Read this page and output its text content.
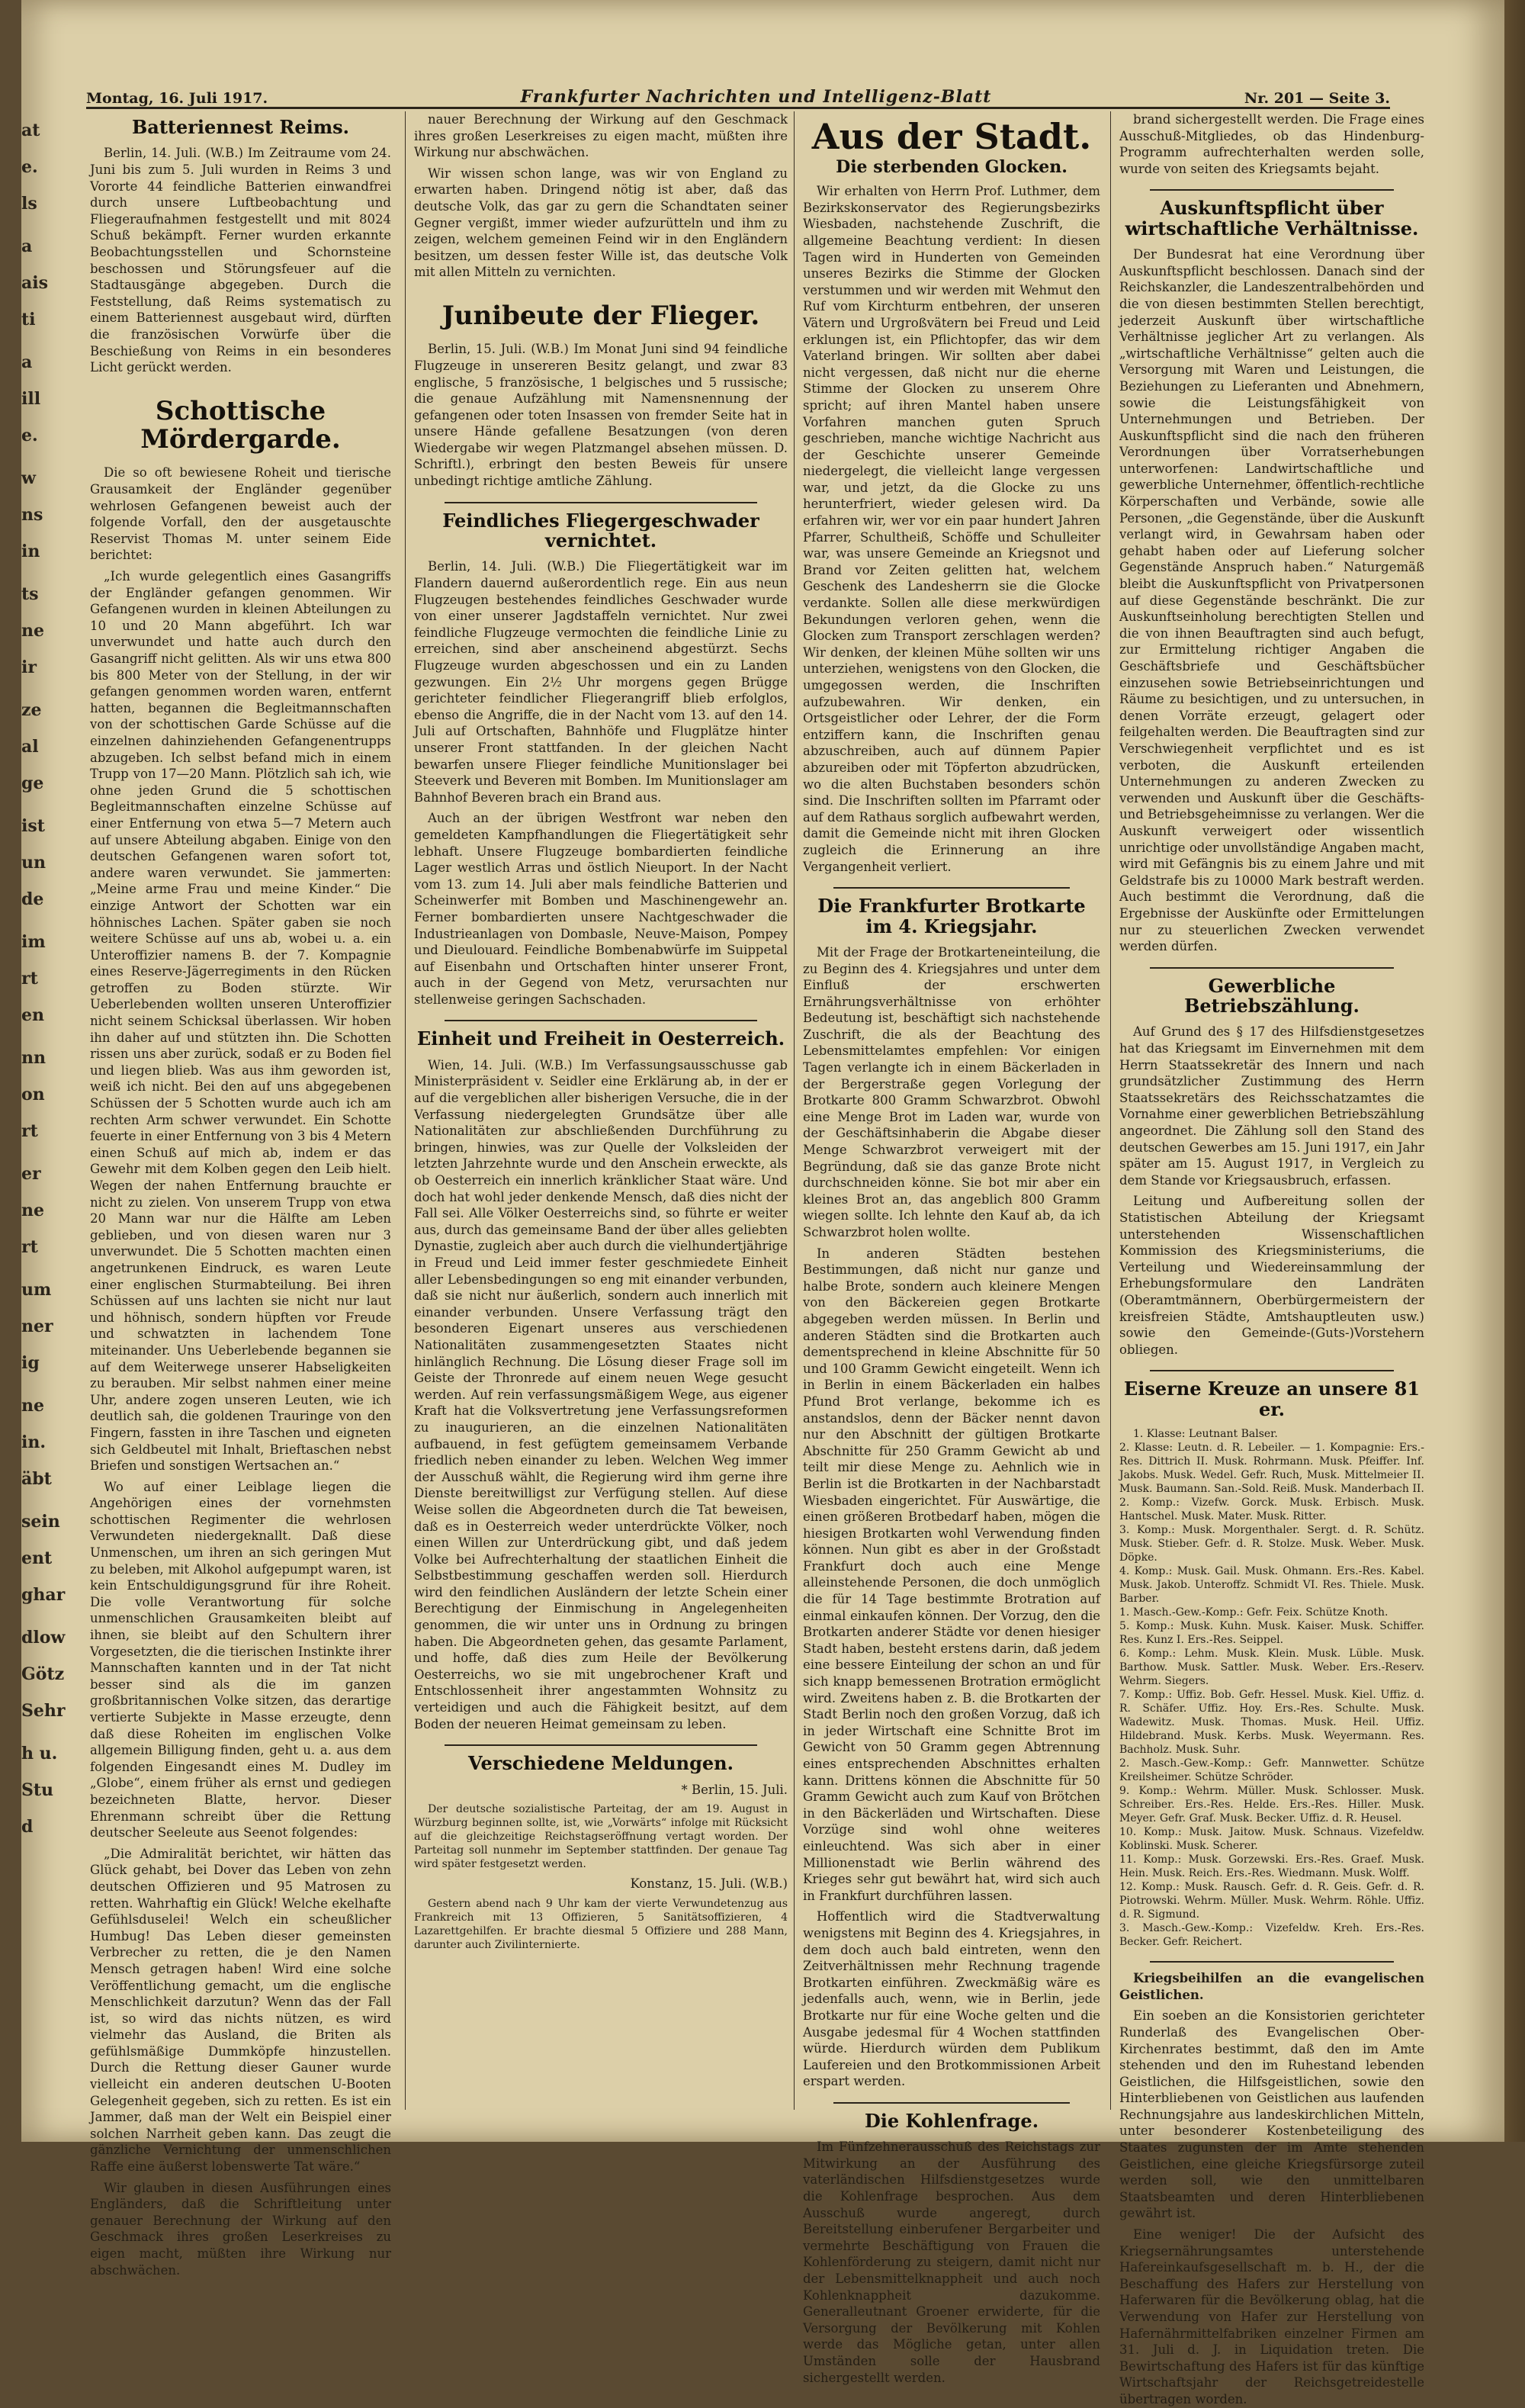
at
e.
ls
a
ais
ti
a
ill
e.
w
ns
in
ts
ne
ir
ze
al
ge
ist
un
de
im
rt
en
nn
on
rt
er
ne
rt
um
ner
ig
ne
in.
äbt
sein
ent
ghar
dlow
Götz
Sehr
h u.
Stu
d
Montag, 16. Juli 1917.	Frankfurter Nachrichten und Intelligenz-Blatt	Nr. 201 — Seite 3.
Batteriennest Reims.

Berlin, 14. Juli. (W.B.) Im Zeitraume vom 24. Juni bis zum 5. Juli wurden in Reims 3 und Vororte 44 feindliche Batterien einwandfrei durch unsere Luftbeobachtung und Fliegeraufnahmen festgestellt und mit 8024 Schuß bekämpft. Ferner wurden erkannte Beobachtungsstellen und Schornsteine beschossen und Störungsfeuer auf die Stadtausgänge abgegeben. Durch die Feststellung, daß Reims systematisch zu einem Batteriennest ausgebaut wird, dürften die französischen Vorwürfe über die Beschießung von Reims in ein besonderes Licht gerückt werden.

Schottische Mördergarde.

Die so oft bewiesene Roheit und tierische Grausamkeit der Engländer gegenüber wehrlosen Gefangenen beweist auch der folgende Vorfall, den der ausgetauschte Reservist Thomas M. unter seinem Eide berichtet:

„Ich wurde gelegentlich eines Gasangriffs der Engländer gefangen genommen. Wir Gefangenen wurden in kleinen Abteilungen zu 10 und 20 Mann abgeführt. Ich war unverwundet und hatte auch durch den Gasangriff nicht gelitten. Als wir uns etwa 800 bis 800 Meter von der Stellung, in der wir gefangen genommen worden waren, entfernt hatten, begannen die Begleitmannschaften von der schottischen Garde Schüsse auf die einzelnen dahinziehenden Gefangenentrupps abzugeben. Ich selbst befand mich in einem Trupp von 17—20 Mann. Plötzlich sah ich, wie ohne jeden Grund die 5 schottischen Begleitmannschaften einzelne Schüsse auf einer Entfernung von etwa 5—7 Metern auch auf unsere Abteilung abgaben. Einige von den deutschen Gefangenen waren sofort tot, andere waren verwundet. Sie jammerten: „Meine arme Frau und meine Kinder.“ Die einzige Antwort der Schotten war ein höhnisches Lachen. Später gaben sie noch weitere Schüsse auf uns ab, wobei u. a. ein Unteroffizier namens B. der 7. Kompagnie eines Reserve-Jägerregiments in den Rücken getroffen zu Boden stürzte. Wir Ueberlebenden wollten unseren Unteroffizier nicht seinem Schicksal überlassen. Wir hoben ihn daher auf und stützten ihn. Die Schotten rissen uns aber zurück, sodaß er zu Boden fiel und liegen blieb. Was aus ihm geworden ist, weiß ich nicht. Bei den auf uns abgegebenen Schüssen der 5 Schotten wurde auch ich am rechten Arm schwer verwundet. Ein Schotte feuerte in einer Entfernung von 3 bis 4 Metern einen Schuß auf mich ab, indem er das Gewehr mit dem Kolben gegen den Leib hielt. Wegen der nahen Entfernung brauchte er nicht zu zielen. Von unserem Trupp von etwa 20 Mann war nur die Hälfte am Leben geblieben, und von diesen waren nur 3 unverwundet. Die 5 Schotten machten einen angetrunkenen Eindruck, es waren Leute einer englischen Sturmabteilung. Bei ihren Schüssen auf uns lachten sie nicht nur laut und höhnisch, sondern hüpften vor Freude und schwatzten in lachendem Tone miteinander. Uns Ueberlebende begannen sie auf dem Weiterwege unserer Habseligkeiten zu berauben. Mir selbst nahmen einer meine Uhr, andere zogen unseren Leuten, wie ich deutlich sah, die goldenen Trauringe von den Fingern, fassten in ihre Taschen und eigneten sich Geldbeutel mit Inhalt, Brieftaschen nebst Briefen und sonstigen Wertsachen an.“

Wo auf einer Leiblage liegen die Angehörigen eines der vornehmsten schottischen Regimenter die wehrlosen Verwundeten niedergeknallt. Daß diese Unmenschen, um ihren an sich geringen Mut zu beleben, mit Alkohol aufgepumpt waren, ist kein Entschuldigungsgrund für ihre Roheit. Die volle Verantwortung für solche unmenschlichen Grausamkeiten bleibt auf ihnen, sie bleibt auf den Schultern ihrer Vorgesetzten, die die tierischen Instinkte ihrer Mannschaften kannten und in der Tat nicht besser sind als die im ganzen großbritannischen Volke sitzen, das derartige vertierte Subjekte in Masse erzeugte, denn daß diese Roheiten im englischen Volke allgemein Billigung finden, geht u. a. aus dem folgenden Eingesandt eines M. Dudley im „Globe“, einem früher als ernst und gediegen bezeichneten Blatte, hervor. Dieser Ehrenmann schreibt über die Rettung deutscher Seeleute aus Seenot folgendes:

„Die Admiralität berichtet, wir hätten das Glück gehabt, bei Dover das Leben von zehn deutschen Offizieren und 95 Matrosen zu retten. Wahrhaftig ein Glück! Welche ekelhafte Gefühlsduselei! Welch ein scheußlicher Humbug! Das Leben dieser gemeinsten Verbrecher zu retten, die je den Namen Mensch getragen haben! Wird eine solche Veröffentlichung gemacht, um die englische Menschlichkeit darzutun? Wenn das der Fall ist, so wird das nichts nützen, es wird vielmehr das Ausland, die Briten als gefühlsmäßige Dummköpfe hinzustellen. Durch die Rettung dieser Gauner wurde vielleicht ein anderen deutschen U-Booten Gelegenheit gegeben, sich zu retten. Es ist ein Jammer, daß man der Welt ein Beispiel einer solchen Narrheit geben kann. Das zeugt die gänzliche Vernichtung der unmenschlichen Raffe eine äußerst lobenswerte Tat wäre.“

Wir glauben in diesen Ausführungen eines Engländers, daß die Schriftleitung unter genauer Berechnung der Wirkung auf den Geschmack ihres großen Leserkreises zu eigen macht, müßten ihre Wirkung nur abschwächen.

nauer Berechnung der Wirkung auf den Geschmack ihres großen Leserkreises zu eigen macht, müßten ihre Wirkung nur abschwächen.

Wir wissen schon lange, was wir von England zu erwarten haben. Dringend nötig ist aber, daß das deutsche Volk, das gar zu gern die Schandtaten seiner Gegner vergißt, immer wieder aufzurütteln und ihm zu zeigen, welchem gemeinen Feind wir in den Engländern besitzen, um dessen fester Wille ist, das deutsche Volk mit allen Mitteln zu vernichten.

Junibeute der Flieger.

Berlin, 15. Juli. (W.B.) Im Monat Juni sind 94 feindliche Flugzeuge in unsereren Besitz gelangt, und zwar 83 englische, 5 französische, 1 belgisches und 5 russische; die genaue Aufzählung mit Namensnennung der gefangenen oder toten Insassen von fremder Seite hat in unsere Hände gefallene Besatzungen (von deren Wiedergabe wir wegen Platzmangel absehen müssen. D. Schriftl.), erbringt den besten Beweis für unsere unbedingt richtige amtliche Zählung.

Feindliches Fliegergeschwader vernichtet.

Berlin, 14. Juli. (W.B.) Die Fliegertätigkeit war im Flandern dauernd außerordentlich rege. Ein aus neun Flugzeugen bestehendes feindliches Geschwader wurde von einer unserer Jagdstaffeln vernichtet. Nur zwei feindliche Flugzeuge vermochten die feindliche Linie zu erreichen, sind aber anscheinend abgestürzt. Sechs Flugzeuge wurden abgeschossen und ein zu Landen gezwungen. Ein 2½ Uhr morgens gegen Brügge gerichteter feindlicher Fliegerangriff blieb erfolglos, ebenso die Angriffe, die in der Nacht vom 13. auf den 14. Juli auf Ortschaften, Bahnhöfe und Flugplätze hinter unserer Front stattfanden. In der gleichen Nacht bewarfen unsere Flieger feindliche Munitionslager bei Steeverk und Beveren mit Bomben. Im Munitionslager am Bahnhof Beveren brach ein Brand aus.

Auch an der übrigen Westfront war neben den gemeldeten Kampfhandlungen die Fliegertätigkeit sehr lebhaft. Unsere Flugzeuge bombardierten feindliche Lager westlich Arras und östlich Nieuport. In der Nacht vom 13. zum 14. Juli aber mals feindliche Batterien und Scheinwerfer mit Bomben und Maschinengewehr an. Ferner bombardierten unsere Nachtgeschwader die Industrieanlagen von Dombasle, Neuve-Maison, Pompey und Dieulouard. Feindliche Bombenabwürfe im Suippetal auf Eisenbahn und Ortschaften hinter unserer Front, auch in der Gegend von Metz, verursachten nur stellenweise geringen Sachschaden.

Einheit und Freiheit in Oesterreich.

Wien, 14. Juli. (W.B.) Im Verfassungsausschusse gab Ministerpräsident v. Seidler eine Erklärung ab, in der er auf die vergeblichen aller bisherigen Versuche, die in der Verfassung niedergelegten Grundsätze über alle Nationalitäten zur abschließenden Durchführung zu bringen, hinwies, was zur Quelle der Volksleiden der letzten Jahrzehnte wurde und den Anschein erweckte, als ob Oesterreich ein innerlich kränklicher Staat wäre. Und doch hat wohl jeder denkende Mensch, daß dies nicht der Fall sei. Alle Völker Oesterreichs sind, so führte er weiter aus, durch das gemeinsame Band der über alles geliebten Dynastie, zugleich aber auch durch die vielhundertjährige in Freud und Leid immer fester geschmiedete Einheit aller Lebensbedingungen so eng mit einander verbunden, daß sie nicht nur äußerlich, sondern auch innerlich mit einander verbunden. Unsere Verfassung trägt den besonderen Eigenart unseres aus verschiedenen Nationalitäten zusammengesetzten Staates nicht hinlänglich Rechnung. Die Lösung dieser Frage soll im Geiste der Thronrede auf einem neuen Wege gesucht werden. Auf rein verfassungsmäßigem Wege, aus eigener Kraft hat die Volksvertretung jene Verfassungsreformen zu inaugurieren, an die einzelnen Nationalitäten aufbauend, in fest gefügtem gemeinsamem Verbande friedlich neben einander zu leben. Welchen Weg immer der Ausschuß wählt, die Regierung wird ihm gerne ihre Dienste bereitwilligst zur Verfügung stellen. Auf diese Weise sollen die Abgeordneten durch die Tat beweisen, daß es in Oesterreich weder unterdrückte Völker, noch einen Willen zur Unterdrückung gibt, und daß jedem Volke bei Aufrechterhaltung der staatlichen Einheit die Selbstbestimmung geschaffen werden soll. Hierdurch wird den feindlichen Ausländern der letzte Schein einer Berechtigung der Einmischung in Angelegenheiten genommen, die wir unter uns in Ordnung zu bringen haben. Die Abgeordneten gehen, das gesamte Parlament, und hoffe, daß dies zum Heile der Bevölkerung Oesterreichs, wo sie mit ungebrochener Kraft und Entschlossenheit ihrer angestammten Wohnsitz zu verteidigen und auch die Fähigkeit besitzt, auf dem Boden der neueren Heimat gemeinsam zu leben.

Verschiedene Meldungen.

* Berlin, 15. Juli.

Der deutsche sozialistische Parteitag, der am 19. August in Würzburg beginnen sollte, ist, wie „Vorwärts“ infolge mit Rücksicht auf die gleichzeitige Reichstagseröffnung vertagt worden. Der Parteitag soll nunmehr im September stattfinden. Der genaue Tag wird später festgesetzt werden.

Konstanz, 15. Juli. (W.B.)

Gestern abend nach 9 Uhr kam der vierte Verwundetenzug aus Frankreich mit 13 Offizieren, 5 Sanitätsoffizieren, 4 Lazarettgehilfen. Er brachte diesmal 5 Offiziere und 288 Mann, darunter auch Zivilinternierte.

Aus der Stadt.
Die sterbenden Glocken.

Wir erhalten von Herrn Prof. Luthmer, dem Bezirkskonservator des Regierungsbezirks Wiesbaden, nachstehende Zuschrift, die allgemeine Beachtung verdient: In diesen Tagen wird in Hunderten von Gemeinden unseres Bezirks die Stimme der Glocken verstummen und wir werden mit Wehmut den Ruf vom Kirchturm entbehren, der unseren Vätern und Urgroßvätern bei Freud und Leid erklungen ist, ein Pflichtopfer, das wir dem Vaterland bringen. Wir sollten aber dabei nicht vergessen, daß nicht nur die eherne Stimme der Glocken zu unserem Ohre spricht; auf ihren Mantel haben unsere Vorfahren manchen guten Spruch geschrieben, manche wichtige Nachricht aus der Geschichte unserer Gemeinde niedergelegt, die vielleicht lange vergessen war, und jetzt, da die Glocke zu uns herunterfriert, wieder gelesen wird. Da erfahren wir, wer vor ein paar hundert Jahren Pfarrer, Schultheiß, Schöffe und Schulleiter war, was unsere Gemeinde an Kriegsnot und Brand vor Zeiten gelitten hat, welchem Geschenk des Landesherrn sie die Glocke verdankte. Sollen alle diese merkwürdigen Bekundungen verloren gehen, wenn die Glocken zum Transport zerschlagen werden? Wir denken, der kleinen Mühe sollten wir uns unterziehen, wenigstens von den Glocken, die umgegossen werden, die Inschriften aufzubewahren. Wir denken, ein Ortsgeistlicher oder Lehrer, der die Form entziffern kann, die Inschriften genau abzuschreiben, auch auf dünnem Papier abzureiben oder mit Töpferton abzudrücken, wo die alten Buchstaben besonders schön sind. Die Inschriften sollten im Pfarramt oder auf dem Rathaus sorglich aufbewahrt werden, damit die Gemeinde nicht mit ihren Glocken zugleich die Erinnerung an ihre Vergangenheit verliert.

Die Frankfurter Brotkarte im 4. Kriegsjahr.

Mit der Frage der Brotkarteneinteilung, die zu Beginn des 4. Kriegsjahres und unter dem Einfluß der erschwerten Ernährungsverhältnisse von erhöhter Bedeutung ist, beschäftigt sich nachstehende Zuschrift, die als der Beachtung des Lebensmittelamtes empfehlen: Vor einigen Tagen verlangte ich in einem Bäckerladen in der Bergerstraße gegen Vorlegung der Brotkarte 800 Gramm Schwarzbrot. Obwohl eine Menge Brot im Laden war, wurde von der Geschäftsinhaberin die Abgabe dieser Menge Schwarzbrot verweigert mit der Begründung, daß sie das ganze Brote nicht durchschneiden könne. Sie bot mir aber ein kleines Brot an, das angeblich 800 Gramm wiegen sollte. Ich lehnte den Kauf ab, da ich Schwarzbrot holen wollte.

In anderen Städten bestehen Bestimmungen, daß nicht nur ganze und halbe Brote, sondern auch kleinere Mengen von den Bäckereien gegen Brotkarte abgegeben werden müssen. In Berlin und anderen Städten sind die Brotkarten auch dementsprechend in kleine Abschnitte für 50 und 100 Gramm Gewicht eingeteilt. Wenn ich in Berlin in einem Bäckerladen ein halbes Pfund Brot verlange, bekomme ich es anstandslos, denn der Bäcker nennt davon nur den Abschnitt der gültigen Brotkarte Abschnitte für 250 Gramm Gewicht ab und teilt mir diese Menge zu. Aehnlich wie in Berlin ist die Brotkarten in der Nachbarstadt Wiesbaden eingerichtet. Für Auswärtige, die einen größeren Brotbedarf haben, mögen die hiesigen Brotkarten wohl Verwendung finden können. Nun gibt es aber in der Großstadt Frankfurt doch auch eine Menge alleinstehende Personen, die doch unmöglich die für 14 Tage bestimmte Brotration auf einmal einkaufen können. Der Vorzug, den die Brotkarten anderer Städte vor denen hiesiger Stadt haben, besteht erstens darin, daß jedem eine bessere Einteilung der schon an und für sich knapp bemessenen Brotration ermöglicht wird. Zweitens haben z. B. die Brotkarten der Stadt Berlin noch den großen Vorzug, daß ich in jeder Wirtschaft eine Schnitte Brot im Gewicht von 50 Gramm gegen Abtrennung eines entsprechenden Abschnittes erhalten kann. Drittens können die Abschnitte für 50 Gramm Gewicht auch zum Kauf von Brötchen in den Bäckerläden und Wirtschaften. Diese Vorzüge sind wohl ohne weiteres einleuchtend. Was sich aber in einer Millionenstadt wie Berlin während des Krieges sehr gut bewährt hat, wird sich auch in Frankfurt durchführen lassen.

Hoffentlich wird die Stadtverwaltung wenigstens mit Beginn des 4. Kriegsjahres, in dem doch auch bald eintreten, wenn den Zeitverhältnissen mehr Rechnung tragende Brotkarten einführen. Zweckmäßig wäre es jedenfalls auch, wenn, wie in Berlin, jede Brotkarte nur für eine Woche gelten und die Ausgabe jedesmal für 4 Wochen stattfinden würde. Hierdurch würden dem Publikum Laufereien und den Brotkommissionen Arbeit erspart werden.

Die Kohlenfrage.

Im Fünfzehnerausschuß des Reichstags zur Mitwirkung an der Ausführung des vaterländischen Hilfsdienstgesetzes wurde die Kohlenfrage besprochen. Aus dem Ausschuß wurde angeregt, durch Bereitstellung einberufener Bergarbeiter und vermehrte Beschäftigung von Frauen die Kohlenförderung zu steigern, damit nicht nur der Lebensmittelknappheit und auch noch Kohlenknappheit dazukomme. Generalleutnant Groener erwiderte, für die Versorgung der Bevölkerung mit Kohlen werde das Mögliche getan, unter allen Umständen solle der Hausbrand sichergestellt werden.

brand sichergestellt werden. Die Frage eines Ausschuß-Mitgliedes, ob das Hindenburg-Programm aufrechterhalten werden solle, wurde von seiten des Kriegsamts bejaht.

Auskunftspflicht über wirtschaftliche Verhältnisse.

Der Bundesrat hat eine Verordnung über Auskunftspflicht beschlossen. Danach sind der Reichskanzler, die Landeszentralbehörden und die von diesen bestimmten Stellen berechtigt, jederzeit Auskunft über wirtschaftliche Verhältnisse jeglicher Art zu verlangen. Als „wirtschaftliche Verhältnisse“ gelten auch die Versorgung mit Waren und Leistungen, die Beziehungen zu Lieferanten und Abnehmern, sowie die Leistungsfähigkeit von Unternehmungen und Betrieben. Der Auskunftspflicht sind die nach den früheren Verordnungen über Vorratserhebungen unterworfenen: Landwirtschaftliche und gewerbliche Unternehmer, öffentlich-rechtliche Körperschaften und Verbände, sowie alle Personen, „die Gegenstände, über die Auskunft verlangt wird, in Gewahrsam haben oder gehabt haben oder auf Lieferung solcher Gegenstände Anspruch haben.“ Naturgemäß bleibt die Auskunftspflicht von Privatpersonen auf diese Gegenstände beschränkt. Die zur Auskunftseinholung berechtigten Stellen und die von ihnen Beauftragten sind auch befugt, zur Ermittelung richtiger Angaben die Geschäftsbriefe und Geschäftsbücher einzusehen sowie Betriebseinrichtungen und Räume zu besichtigen, und zu untersuchen, in denen Vorräte erzeugt, gelagert oder feilgehalten werden. Die Beauftragten sind zur Verschwiegenheit verpflichtet und es ist verboten, die Auskunft erteilenden Unternehmungen zu anderen Zwecken zu verwenden und Auskunft über die Geschäfts- und Betriebsgeheimnisse zu verlangen. Wer die Auskunft verweigert oder wissentlich unrichtige oder unvollständige Angaben macht, wird mit Gefängnis bis zu einem Jahre und mit Geldstrafe bis zu 10000 Mark bestraft werden. Auch bestimmt die Verordnung, daß die Ergebnisse der Auskünfte oder Ermittelungen nur zu steuerlichen Zwecken verwendet werden dürfen.

Gewerbliche Betriebszählung.

Auf Grund des § 17 des Hilfsdienstgesetzes hat das Kriegsamt im Einvernehmen mit dem Herrn Staatssekretär des Innern und nach grundsätzlicher Zustimmung des Herrn Staatssekretärs des Reichsschatzamtes die Vornahme einer gewerblichen Betriebszählung angeordnet. Die Zählung soll den Stand des deutschen Gewerbes am 15. Juni 1917, ein Jahr später am 15. August 1917, in Vergleich zu dem Stande vor Kriegsausbruch, erfassen.

Leitung und Aufbereitung sollen der Statistischen Abteilung der Kriegsamt unterstehenden Wissenschaftlichen Kommission des Kriegsministeriums, die Verteilung und Wiedereinsammlung der Erhebungsformulare den Landräten (Oberamtmännern, Oberbürgermeistern der kreisfreien Städte, Amtshauptleuten usw.) sowie den Gemeinde-(Guts-)Vorstehern obliegen.

Eiserne Kreuze an unsere 81 er.

1. Klasse: Leutnant Balser.
2. Klasse: Leutn. d. R. Lebeiler. — 1. Kompagnie: Ers.-Res. Dittrich II. Musk. Rohrmann. Musk. Pfeiffer. Inf. Jakobs. Musk. Wedel. Gefr. Ruch, Musk. Mittelmeier II. Musk. Baumann. San.-Sold. Reiß. Musk. Manderbach II.
2. Komp.: Vizefw. Gorck. Musk. Erbisch. Musk. Hantschel. Musk. Mater. Musk. Ritter.
3. Komp.: Musk. Morgenthaler. Sergt. d. R. Schütz. Musk. Stieber. Gefr. d. R. Stolze. Musk. Weber. Musk. Döpke.
4. Komp.: Musk. Gail. Musk. Ohmann. Ers.-Res. Kabel. Musk. Jakob. Unteroffz. Schmidt VI. Res. Thiele. Musk. Barber.
1. Masch.-Gew.-Komp.: Gefr. Feix. Schütze Knoth.
5. Komp.: Musk. Kuhn. Musk. Kaiser. Musk. Schiffer. Res. Kunz I. Ers.-Res. Seippel.
6. Komp.: Lehm. Musk. Klein. Musk. Lüble. Musk. Barthow. Musk. Sattler. Musk. Weber. Ers.-Reserv. Wehrm. Siegers.
7. Komp.: Uffiz. Bob. Gefr. Hessel. Musk. Kiel. Uffiz. d. R. Schäfer. Uffiz. Hoy. Ers.-Res. Schulte. Musk. Wadewitz. Musk. Thomas. Musk. Heil. Uffiz. Hildebrand. Musk. Kerbs. Musk. Weyermann. Res. Bachholz. Musk. Suhr.
2. Masch.-Gew.-Komp.: Gefr. Mannwetter. Schütze Kreilsheimer. Schütze Schröder.
9. Komp.: Wehrm. Müller. Musk. Schlosser. Musk. Schreiber. Ers.-Res. Helde. Ers.-Res. Hiller. Musk. Meyer. Gefr. Graf. Musk. Becker. Uffiz. d. R. Heusel.
10. Komp.: Musk. Jaitow. Musk. Schnaus. Vizefeldw. Koblinski. Musk. Scherer.
11. Komp.: Musk. Gorzewski. Ers.-Res. Graef. Musk. Hein. Musk. Reich. Ers.-Res. Wiedmann. Musk. Wolff.
12. Komp.: Musk. Rausch. Gefr. d. R. Geis. Gefr. d. R. Piotrowski. Wehrm. Müller. Musk. Wehrm. Röhle. Uffiz. d. R. Sigmund.
3. Masch.-Gew.-Komp.: Vizefeldw. Kreh. Ers.-Res. Becker. Gefr. Reichert.

Kriegsbeihilfen an die evangelischen Geistlichen.

Ein soeben an die Konsistorien gerichteter Runderlaß des Evangelischen Ober-Kirchenrates bestimmt, daß den im Amte stehenden und den im Ruhestand lebenden Geistlichen, die Hilfsgeistlichen, sowie den Hinterbliebenen von Geistlichen aus laufenden Rechnungsjahre aus landeskirchlichen Mitteln, unter besonderer Kostenbeteiligung des Staates zugunsten der im Amte stehenden Geistlichen, eine gleiche Kriegsfürsorge zuteil werden soll, wie den unmittelbaren Staatsbeamten und deren Hinterbliebenen gewährt ist.

Eine weniger! Die der Aufsicht des Kriegsernährungsamtes unterstehende Hafereinkaufsgesellschaft m. b. H., der die Beschaffung des Hafers zur Herstellung von Haferwaren für die Bevölkerung oblag, hat die Verwendung von Hafer zur Herstellung von Hafernährmittelfabriken einzelner Firmen am 31. Juli d. J. in Liquidation treten. Die Bewirtschaftung des Hafers ist für das künftige Wirtschaftsjahr der Reichsgetreidestelle übertragen worden.
